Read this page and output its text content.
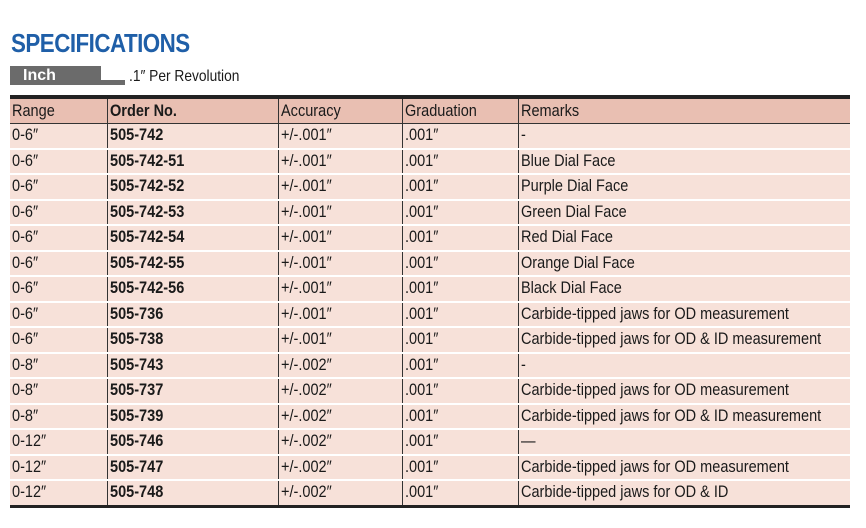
SPECIFICATIONS
Inch	.1″ Per Revolution
Range	Order No.	Accuracy	Graduation	Remarks
0-6″	505-742	+/-.001″	.001″	-
0-6″	505-742-51	+/-.001″	.001″	Blue Dial Face
0-6″	505-742-52	+/-.001″	.001″	Purple Dial Face
0-6″	505-742-53	+/-.001″	.001″	Green Dial Face
0-6″	505-742-54	+/-.001″	.001″	Red Dial Face
0-6″	505-742-55	+/-.001″	.001″	Orange Dial Face
0-6″	505-742-56	+/-.001″	.001″	Black Dial Face
0-6″	505-736	+/-.001″	.001″	Carbide-tipped jaws for OD measurement
0-6″	505-738	+/-.001″	.001″	Carbide-tipped jaws for OD & ID measurement
0-8″	505-743	+/-.002″	.001″	-
0-8″	505-737	+/-.002″	.001″	Carbide-tipped jaws for OD measurement
0-8″	505-739	+/-.002″	.001″	Carbide-tipped jaws for OD & ID measurement
0-12″	505-746	+/-.002″	.001″	—
0-12″	505-747	+/-.002″	.001″	Carbide-tipped jaws for OD measurement
0-12″	505-748	+/-.002″	.001″	Carbide-tipped jaws for OD & ID
